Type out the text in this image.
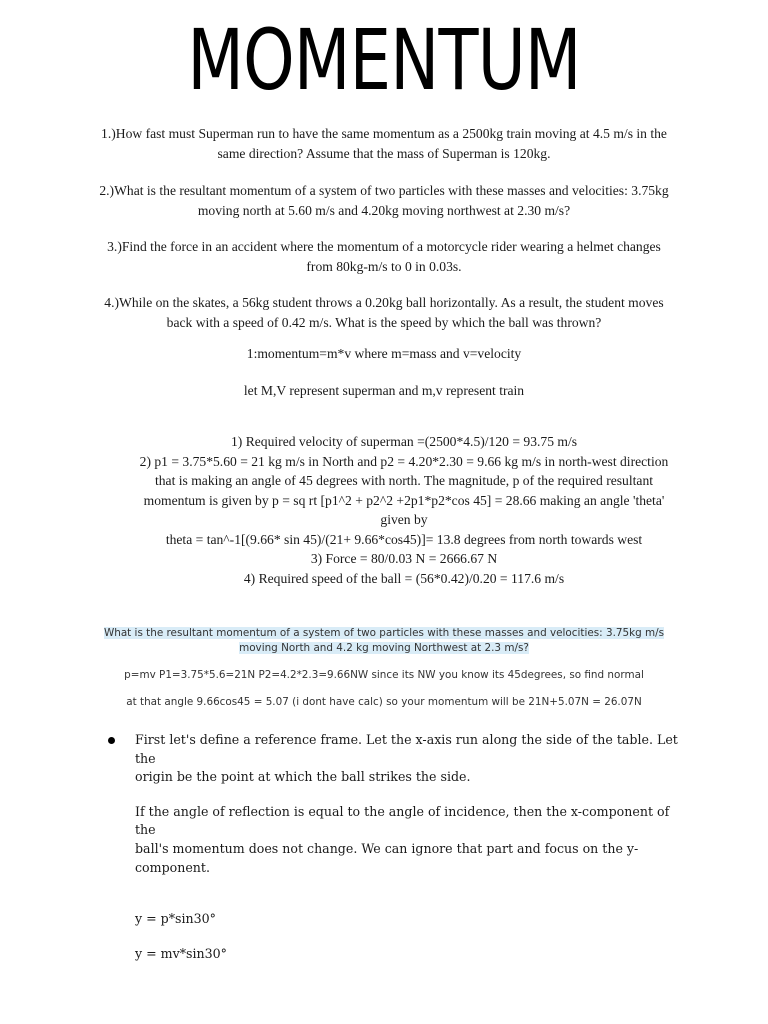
MOMENTUM
1.)How fast must Superman run to have the same momentum as a 2500kg train moving at 4.5 m/s in the
same direction? Assume that the mass of Superman is 120kg.
2.)What is the resultant momentum of a system of two particles with these masses and velocities: 3.75kg
moving north at 5.60 m/s and 4.20kg moving northwest at 2.30 m/s?
3.)Find the force in an accident where the momentum of a motorcycle rider wearing a helmet changes
from 80kg-m/s to 0 in 0.03s.
4.)While on the skates, a 56kg student throws a 0.20kg ball horizontally. As a result, the student moves
back with a speed of 0.42 m/s. What is the speed by which the ball was thrown?
1:momentum=m*v where m=mass and v=velocity
let M,V represent superman and m,v represent train
1) Required velocity of superman =(2500*4.5)/120 = 93.75 m/s
2) p1 = 3.75*5.60 = 21 kg m/s in North and p2 = 4.20*2.30 = 9.66 kg m/s in north-west direction
that is making an angle of 45 degrees with north. The magnitude, p of the required resultant
momentum is given by p = sq rt [p1^2 + p2^2 +2p1*p2*cos 45] = 28.66 making an angle 'theta'
given by
theta = tan^-1[(9.66* sin 45)/(21+ 9.66*cos45)]= 13.8 degrees from north towards west
3) Force = 80/0.03 N = 2666.67 N
4) Required speed of the ball = (56*0.42)/0.20 = 117.6 m/s
What is the resultant momentum of a system of two particles with these masses and velocities: 3.75kg m/s
moving North and 4.2 kg moving Northwest at 2.3 m/s?
p=mv P1=3.75*5.6=21N P2=4.2*2.3=9.66NW since its NW you know its 45degrees, so find normal
at that angle 9.66cos45 = 5.07 (i dont have calc) so your momentum will be 21N+5.07N = 26.07N
First let's define a reference frame. Let the x-axis run along the side of the table. Let the
origin be the point at which the ball strikes the side.
If the angle of reflection is equal to the angle of incidence, then the x-component of the
ball's momentum does not change. We can ignore that part and focus on the y-component.
y = p*sin30°
y = mv*sin30°
